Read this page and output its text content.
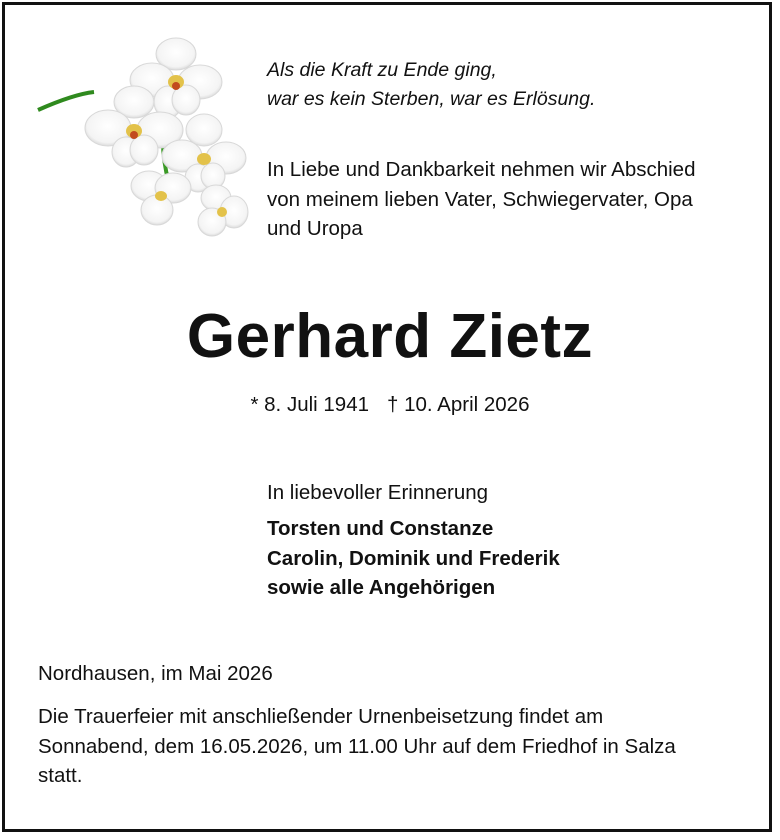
Als die Kraft zu Ende ging,
war es kein Sterben, war es Erlösung.
In Liebe und Dankbarkeit nehmen wir Abschied
von meinem lieben Vater, Schwiegervater, Opa
und Uropa
Gerhard Zietz
* 8. Juli 1941 † 10. April 2026
In liebevoller Erinnerung
Torsten und Constanze
Carolin, Dominik und Frederik
sowie alle Angehörigen
Nordhausen, im Mai 2026
Die Trauerfeier mit anschließender Urnenbeisetzung findet am
Sonnabend, dem 16.05.2026, um 11.00 Uhr auf dem Friedhof in Salza
statt.
